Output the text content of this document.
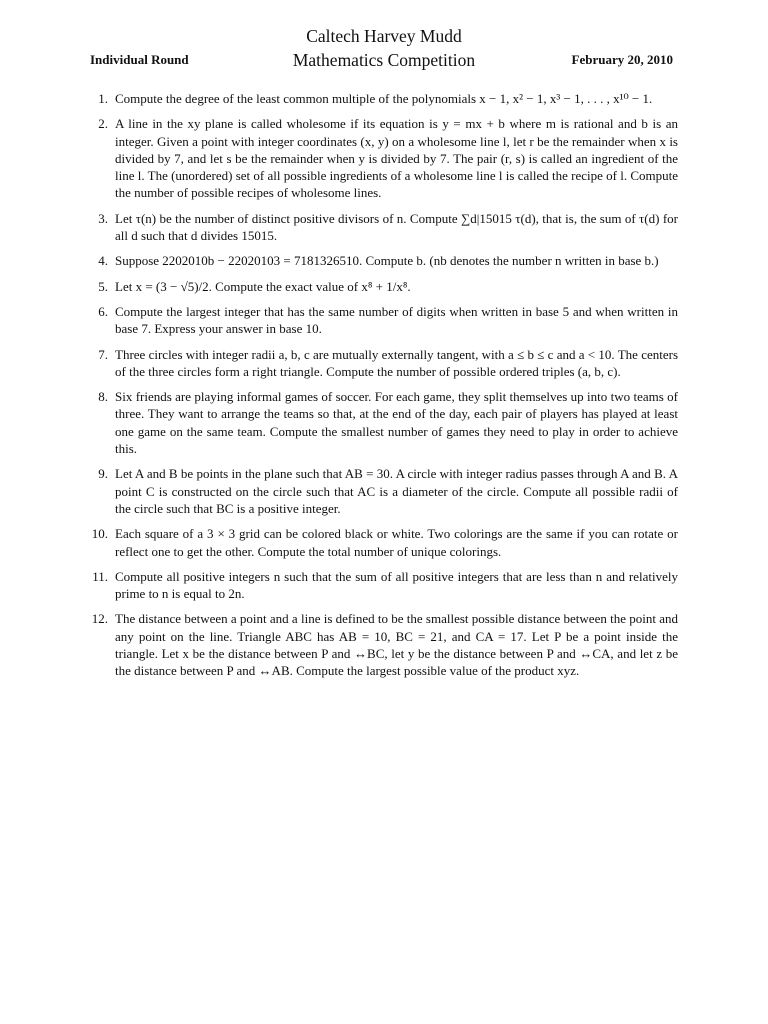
Caltech Harvey Mudd
Mathematics Competition
Individual Round	February 20, 2010
1. Compute the degree of the least common multiple of the polynomials x − 1, x² − 1, x³ − 1, . . . , x¹⁰ − 1.
2. A line in the xy plane is called wholesome if its equation is y = mx + b where m is rational and b is an integer. Given a point with integer coordinates (x, y) on a wholesome line l, let r be the remainder when x is divided by 7, and let s be the remainder when y is divided by 7. The pair (r, s) is called an ingredient of the line l. The (unordered) set of all possible ingredients of a wholesome line l is called the recipe of l. Compute the number of possible recipes of wholesome lines.
3. Let τ(n) be the number of distinct positive divisors of n. Compute ∑d|15015 τ(d), that is, the sum of τ(d) for all d such that d divides 15015.
4. Suppose 2202010b − 22020103 = 7181326510. Compute b. (nb denotes the number n written in base b.)
5. Let x = (3 − √5)/2. Compute the exact value of x⁸ + 1/x⁸.
6. Compute the largest integer that has the same number of digits when written in base 5 and when written in base 7. Express your answer in base 10.
7. Three circles with integer radii a, b, c are mutually externally tangent, with a ≤ b ≤ c and a < 10. The centers of the three circles form a right triangle. Compute the number of possible ordered triples (a, b, c).
8. Six friends are playing informal games of soccer. For each game, they split themselves up into two teams of three. They want to arrange the teams so that, at the end of the day, each pair of players has played at least one game on the same team. Compute the smallest number of games they need to play in order to achieve this.
9. Let A and B be points in the plane such that AB = 30. A circle with integer radius passes through A and B. A point C is constructed on the circle such that AC is a diameter of the circle. Compute all possible radii of the circle such that BC is a positive integer.
10. Each square of a 3 × 3 grid can be colored black or white. Two colorings are the same if you can rotate or reflect one to get the other. Compute the total number of unique colorings.
11. Compute all positive integers n such that the sum of all positive integers that are less than n and relatively prime to n is equal to 2n.
12. The distance between a point and a line is defined to be the smallest possible distance between the point and any point on the line. Triangle ABC has AB = 10, BC = 21, and CA = 17. Let P be a point inside the triangle. Let x be the distance between P and ↔BC, let y be the distance between P and ↔CA, and let z be the distance between P and ↔AB. Compute the largest possible value of the product xyz.
